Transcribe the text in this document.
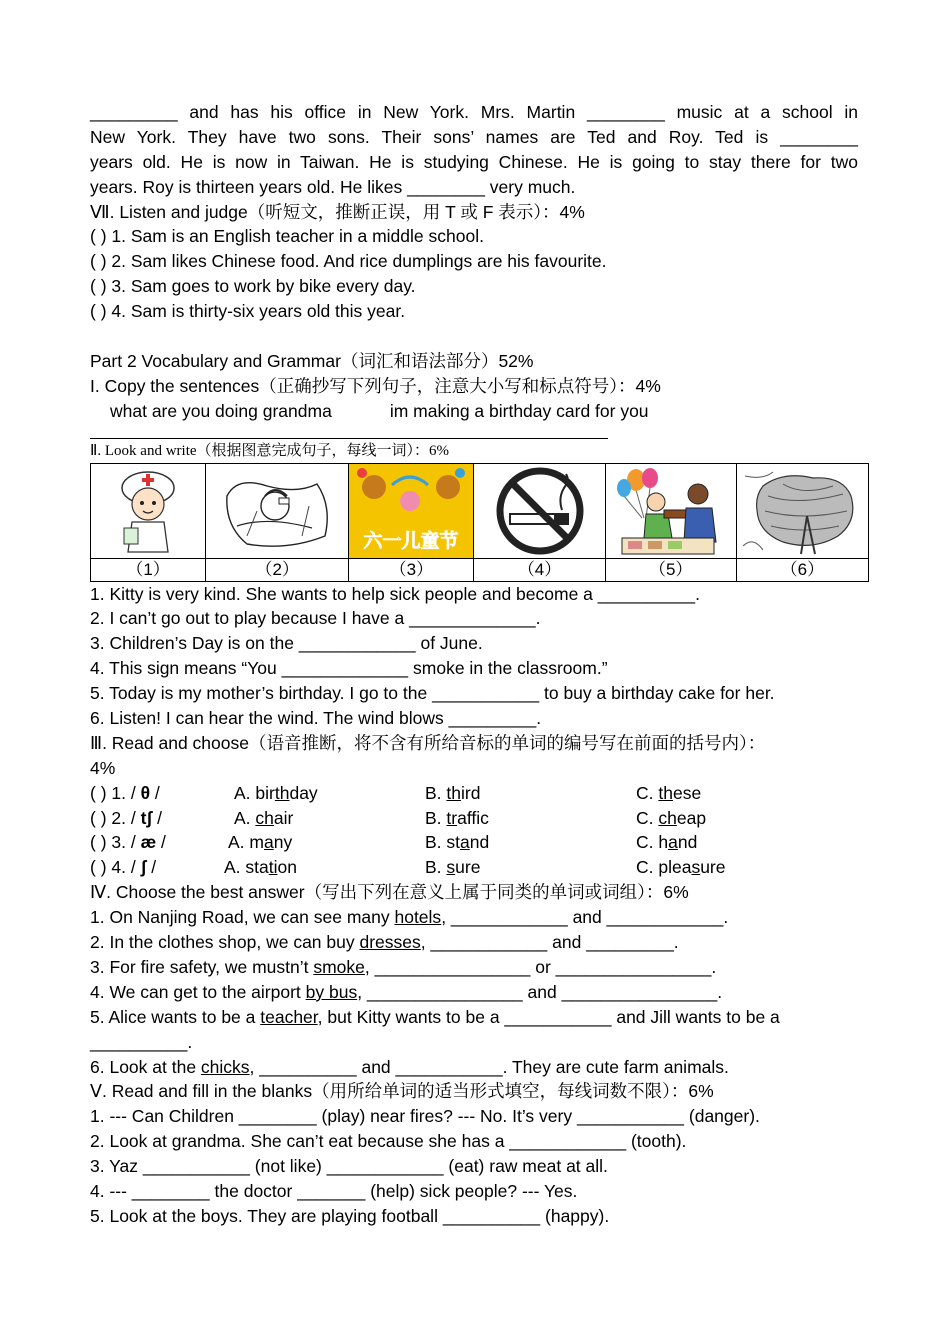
_________ and has his office in New York. Mrs. Martin ________ music at a school in
New York. They have two sons. Their sons’ names are Ted and Roy. Ted is ________
years old. He is now in Taiwan. He is studying Chinese. He is going to stay there for two
years. Roy is thirteen years old. He likes ________ very much.
Ⅶ. Listen and judge（听短文，推断正误，用 T 或 F 表示）：4%
( ) 1. Sam is an English teacher in a middle school.
( ) 2. Sam likes Chinese food. And rice dumplings are his favourite.
( ) 3. Sam goes to work by bike every day.
( ) 4. Sam is thirty-six years old this year.
Part 2 Vocabulary and Grammar（词汇和语法部分）52%
I. Copy the sentences（正确抄写下列句子，注意大小写和标点符号）：4%
what are you doing grandma	im making a birthday card for you
Ⅱ. Look and write（根据图意完成句子，每线一词）：6%

六一儿童节

（1）	（2）	（3）	（4）	（5）	（6）
1. Kitty is very kind. She wants to help sick people and become a __________.
2. I can’t go out to play because I have a _____________.
3. Children’s Day is on the ____________ of June.
4. This sign means “You _____________ smoke in the classroom.”
5. Today is my mother’s birthday. I go to the ___________ to buy a birthday cake for her.
6. Listen! I can hear the wind. The wind blows _________.
Ⅲ. Read and choose（语音推断，将不含有所给音标的单词的编号写在前面的括号内）：
4%
( ) 1. / θ /	A. birthday	B. third	C. these
( ) 2. / tʃ /	A. chair	B. traffic	C. cheap
( ) 3. / æ /	A. many	B. stand	C. hand
( ) 4. / ʃ /	A. station	B. sure	C. pleasure
Ⅳ. Choose the best answer（写出下列在意义上属于同类的单词或词组）：6%
1. On Nanjing Road, we can see many hotels, ____________ and ____________.
2. In the clothes shop, we can buy dresses, ____________ and _________.
3. For fire safety, we mustn’t smoke, ________________ or ________________.
4. We can get to the airport by bus, ________________ and ________________.
5. Alice wants to be a teacher, but Kitty wants to be a ___________ and Jill wants to be a
__________.
6. Look at the chicks, __________ and ___________. They are cute farm animals.
Ⅴ. Read and fill in the blanks（用所给单词的适当形式填空，每线词数不限）：6%
1. --- Can Children ________ (play) near fires? --- No. It’s very ___________ (danger).
2. Look at grandma. She can’t eat because she has a ____________ (tooth).
3. Yaz ___________ (not like) ____________ (eat) raw meat at all.
4. --- ________ the doctor _______ (help) sick people? --- Yes.
5. Look at the boys. They are playing football __________ (happy).
